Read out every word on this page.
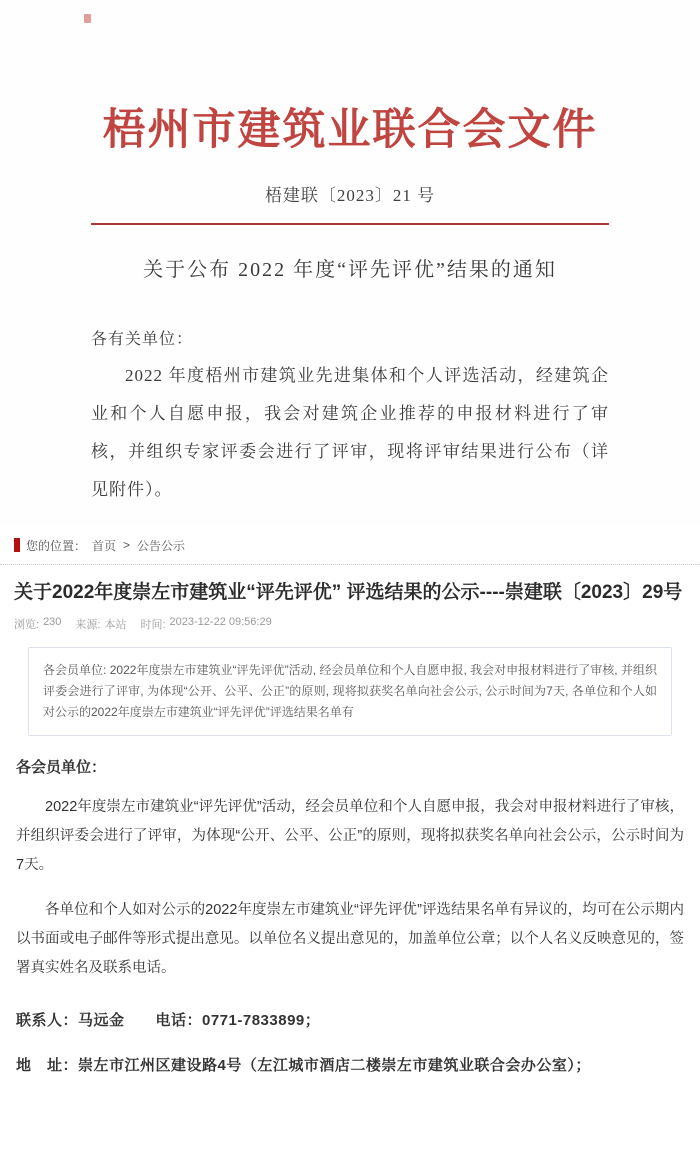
梧州市建筑业联合会文件
梧建联〔2023〕21 号
关于公布 2022 年度“评先评优”结果的通知
各有关单位：
2022 年度梧州市建筑业先进集体和个人评选活动，经建筑企业和个人自愿申报，我会对建筑企业推荐的申报材料进行了审核，并组织专家评委会进行了评审，现将评审结果进行公布（详见附件）。
您的位置： 首页 > 公告公示
关于2022年度崇左市建筑业“评先评优” 评选结果的公示----崇建联〔2023〕29号
浏览: 230 来源: 本站 时间: 2023-12-22 09:56:29
各会员单位: 2022年度崇左市建筑业“评先评优”活动, 经会员单位和个人自愿申报, 我会对申报材料进行了审核, 并组织评委会进行了评审, 为体现“公开、公平、公正”的原则, 现将拟获奖名单向社会公示, 公示时间为7天, 各单位和个人如对公示的2022年度崇左市建筑业“评先评优”评选结果名单有
各会员单位：

2022年度崇左市建筑业“评先评优”活动，经会员单位和个人自愿申报，我会对申报材料进行了审核，并组织评委会进行了评审，为体现“公开、公平、公正”的原则，现将拟获奖名单向社会公示，公示时间为7天。

各单位和个人如对公示的2022年度崇左市建筑业“评先评优”评选结果名单有异议的，均可在公示期内以书面或电子邮件等形式提出意见。以单位名义提出意见的，加盖单位公章；以个人名义反映意见的，签署真实姓名及联系电话。

联系人：马远金　　电话：0771-7833899；
地　址：崇左市江州区建设路4号（左江城市酒店二楼崇左市建筑业联合会办公室）；
